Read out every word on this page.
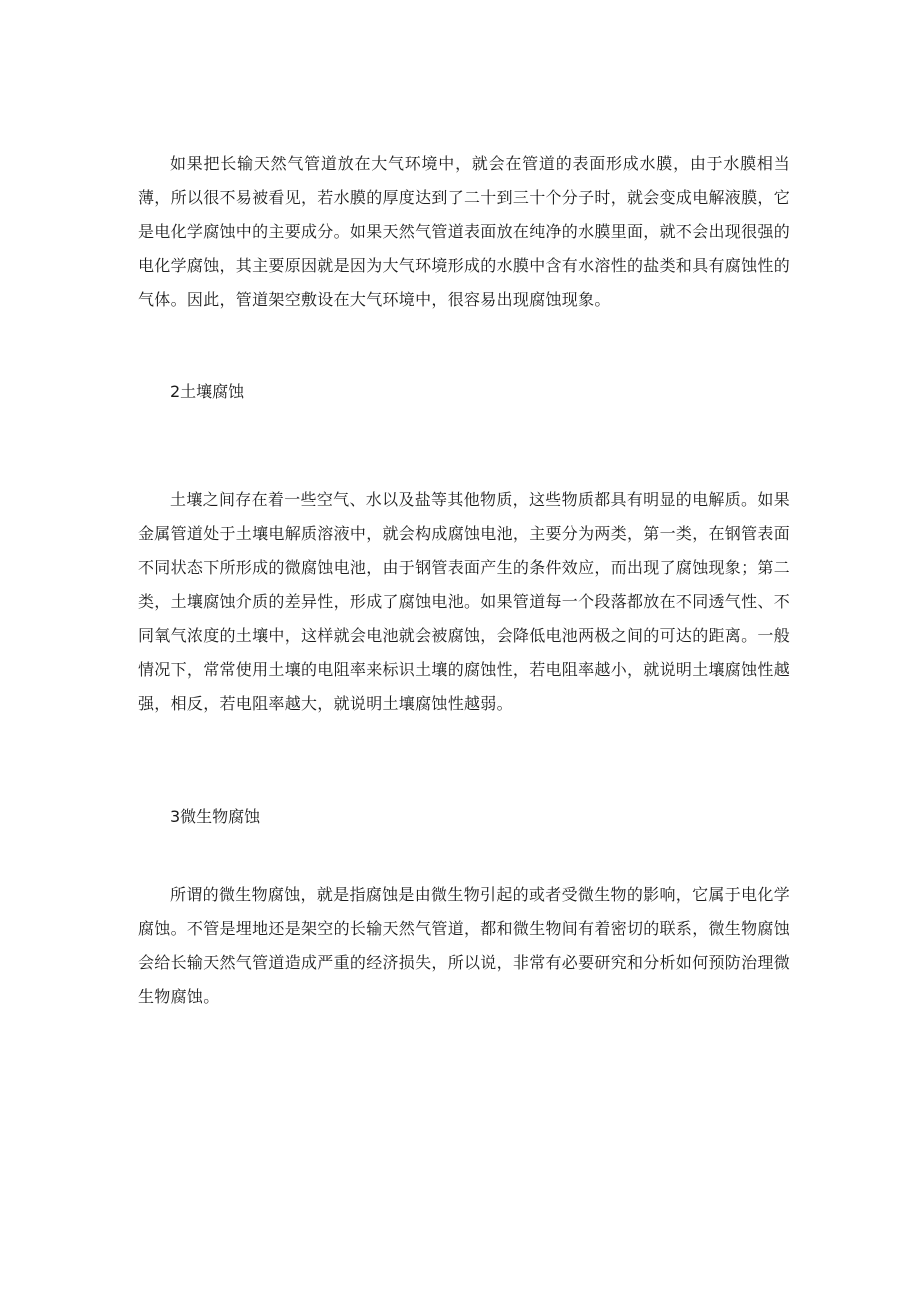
如果把长输天然气管道放在大气环境中，就会在管道的表面形成水膜，由于水膜相当薄，所以很不易被看见，若水膜的厚度达到了二十到三十个分子时，就会变成电解液膜，它是电化学腐蚀中的主要成分。如果天然气管道表面放在纯净的水膜里面，就不会出现很强的电化学腐蚀，其主要原因就是因为大气环境形成的水膜中含有水溶性的盐类和具有腐蚀性的气体。因此，管道架空敷设在大气环境中，很容易出现腐蚀现象。

2土壤腐蚀

土壤之间存在着一些空气、水以及盐等其他物质，这些物质都具有明显的电解质。如果金属管道处于土壤电解质溶液中，就会构成腐蚀电池，主要分为两类，第一类，在钢管表面不同状态下所形成的微腐蚀电池，由于钢管表面产生的条件效应，而出现了腐蚀现象；第二类，土壤腐蚀介质的差异性，形成了腐蚀电池。如果管道每一个段落都放在不同透气性、不同氧气浓度的土壤中，这样就会电池就会被腐蚀，会降低电池两极之间的可达的距离。一般情况下，常常使用土壤的电阻率来标识土壤的腐蚀性，若电阻率越小，就说明土壤腐蚀性越强，相反，若电阻率越大，就说明土壤腐蚀性越弱。

3微生物腐蚀

所谓的微生物腐蚀，就是指腐蚀是由微生物引起的或者受微生物的影响，它属于电化学腐蚀。不管是埋地还是架空的长输天然气管道，都和微生物间有着密切的联系，微生物腐蚀会给长输天然气管道造成严重的经济损失，所以说，非常有必要研究和分析如何预防治理微生物腐蚀。
